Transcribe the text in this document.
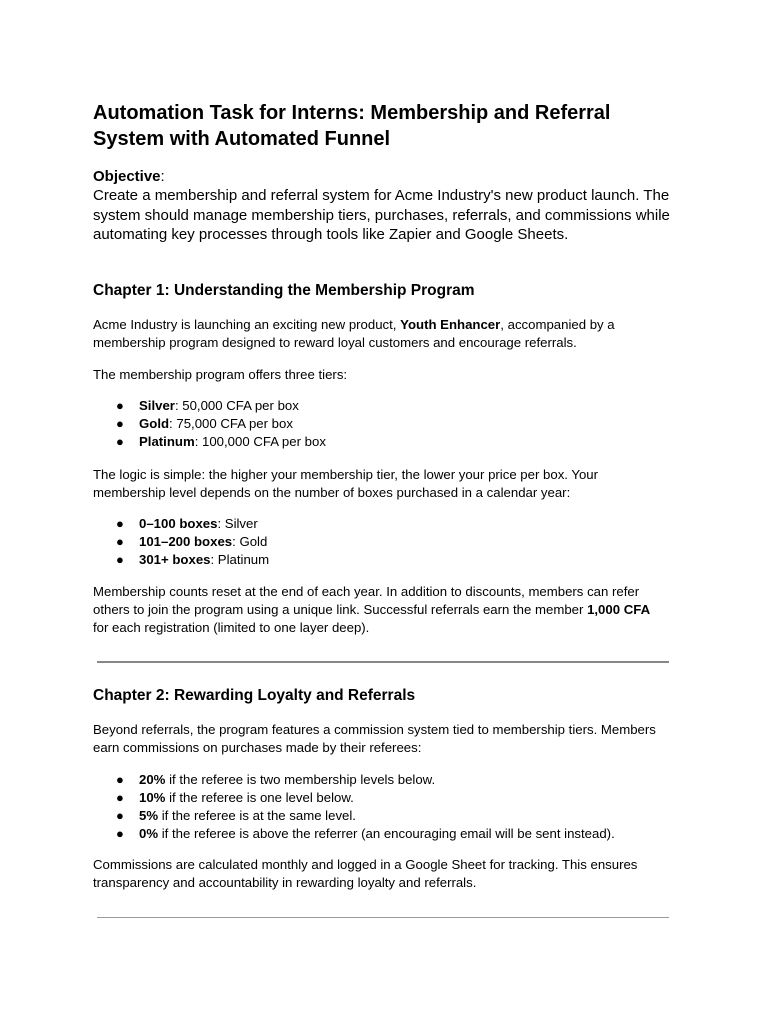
Automation Task for Interns: Membership and Referral System with Automated Funnel
Objective:
Create a membership and referral system for Acme Industry's new product launch. The system should manage membership tiers, purchases, referrals, and commissions while automating key processes through tools like Zapier and Google Sheets.
Chapter 1: Understanding the Membership Program

Acme Industry is launching an exciting new product, Youth Enhancer, accompanied by a membership program designed to reward loyal customers and encourage referrals.

The membership program offers three tiers:

● Silver: 50,000 CFA per box
● Gold: 75,000 CFA per box
● Platinum: 100,000 CFA per box

The logic is simple: the higher your membership tier, the lower your price per box. Your membership level depends on the number of boxes purchased in a calendar year:

● 0–100 boxes: Silver
● 101–200 boxes: Gold
● 301+ boxes: Platinum

Membership counts reset at the end of each year. In addition to discounts, members can refer others to join the program using a unique link. Successful referrals earn the member 1,000 CFA for each registration (limited to one layer deep).

Chapter 2: Rewarding Loyalty and Referrals

Beyond referrals, the program features a commission system tied to membership tiers. Members earn commissions on purchases made by their referees:

● 20% if the referee is two membership levels below.
● 10% if the referee is one level below.
● 5% if the referee is at the same level.
● 0% if the referee is above the referrer (an encouraging email will be sent instead).

Commissions are calculated monthly and logged in a Google Sheet for tracking. This ensures transparency and accountability in rewarding loyalty and referrals.
